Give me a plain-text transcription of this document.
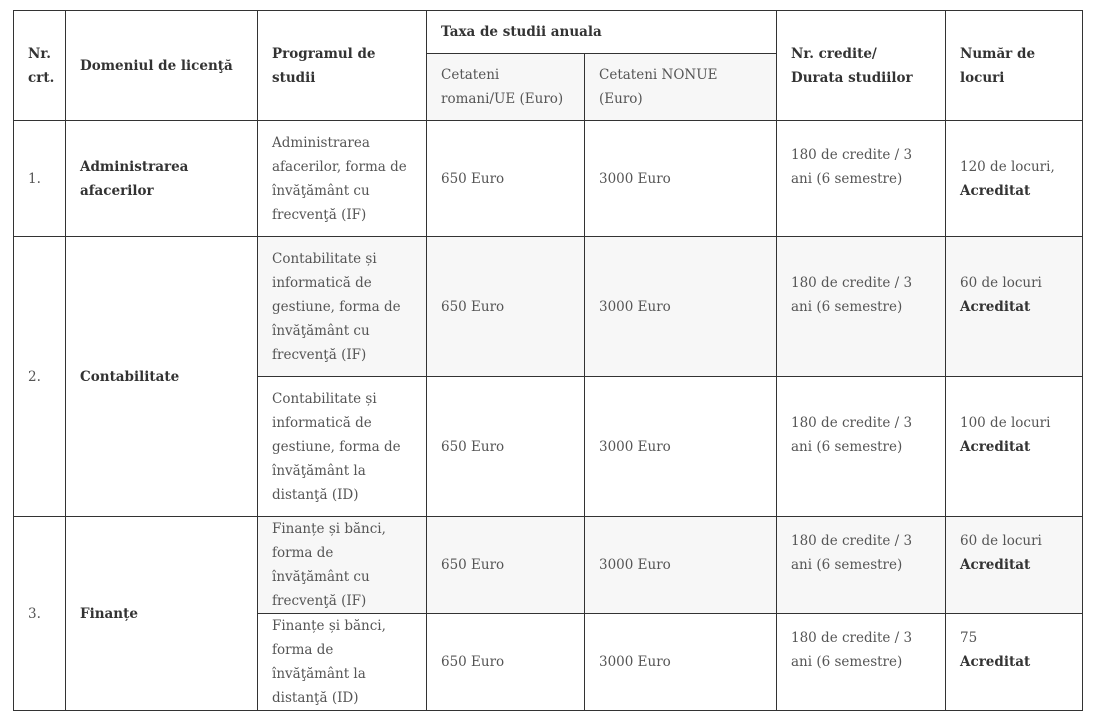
Nr. crt.	Domeniul de licenţă	Programul de studii	Taxa de studii anuala		Nr. credite/ Durata studiilor	Număr de locuri
			Cetateni romani/UE (Euro)	Cetateni NONUE (Euro)		
1.	Administrarea afacerilor	Administrarea afacerilor, forma de învăţământ cu frecvenţă (IF)	650 Euro	3000 Euro	180 de credite / 3 ani (6 semestre)	120 de locuri,
Acreditat

2.	Contabilitate	Contabilitate și informatică de gestiune, forma de învăţământ cu frecvenţă (IF)	650 Euro	3000 Euro	180 de credite / 3 ani (6 semestre)	60 de locuri
Acreditat

		Contabilitate și informatică de gestiune, forma de învăţământ la distanţă (ID)	650 Euro	3000 Euro	180 de credite / 3 ani (6 semestre)	100 de locuri
Acreditat

3.	Finanțe	Finanțe și bănci, forma de învăţământ cu frecvenţă (IF)	650 Euro	3000 Euro	180 de credite / 3 ani (6 semestre)	60 de locuri
Acreditat

		Finanțe și bănci, forma de învăţământ la distanţă (ID)	650 Euro	3000 Euro	180 de credite / 3 ani (6 semestre)	75
Acreditat
